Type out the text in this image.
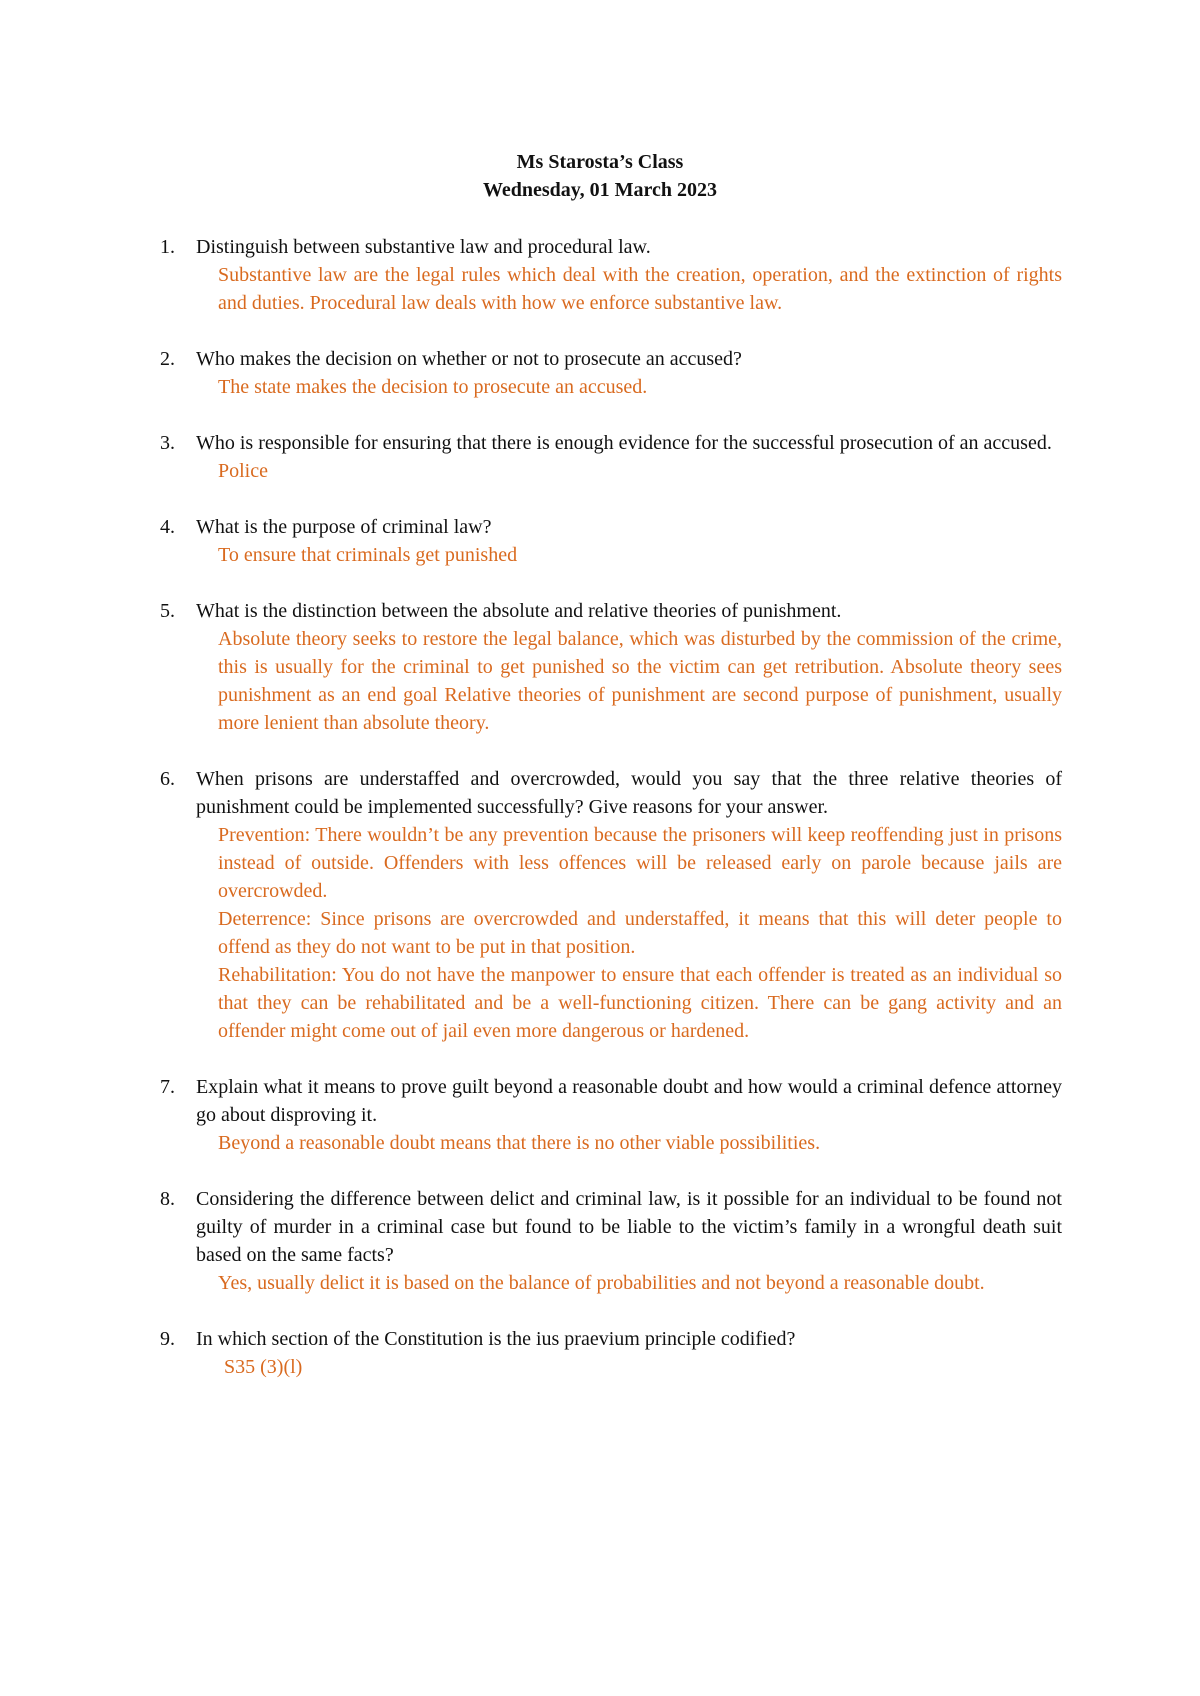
Ms Starosta’s Class
Wednesday, 01 March 2023
1. Distinguish between substantive law and procedural law.
Substantive law are the legal rules which deal with the creation, operation, and the extinction of rights and duties. Procedural law deals with how we enforce substantive law.
2. Who makes the decision on whether or not to prosecute an accused?
The state makes the decision to prosecute an accused.
3. Who is responsible for ensuring that there is enough evidence for the successful prosecution of an accused.
Police
4. What is the purpose of criminal law?
To ensure that criminals get punished
5. What is the distinction between the absolute and relative theories of punishment.
Absolute theory seeks to restore the legal balance, which was disturbed by the commission of the crime, this is usually for the criminal to get punished so the victim can get retribution. Absolute theory sees punishment as an end goal Relative theories of punishment are second purpose of punishment, usually more lenient than absolute theory.
6. When prisons are understaffed and overcrowded, would you say that the three relative theories of punishment could be implemented successfully? Give reasons for your answer.
Prevention: There wouldn’t be any prevention because the prisoners will keep reoffending just in prisons instead of outside. Offenders with less offences will be released early on parole because jails are overcrowded.
Deterrence: Since prisons are overcrowded and understaffed, it means that this will deter people to offend as they do not want to be put in that position.
Rehabilitation: You do not have the manpower to ensure that each offender is treated as an individual so that they can be rehabilitated and be a well-functioning citizen. There can be gang activity and an offender might come out of jail even more dangerous or hardened.
7. Explain what it means to prove guilt beyond a reasonable doubt and how would a criminal defence attorney go about disproving it.
Beyond a reasonable doubt means that there is no other viable possibilities.
8. Considering the difference between delict and criminal law, is it possible for an individual to be found not guilty of murder in a criminal case but found to be liable to the victim’s family in a wrongful death suit based on the same facts?
Yes, usually delict it is based on the balance of probabilities and not beyond a reasonable doubt.
9. In which section of the Constitution is the ius praevium principle codified?
S35 (3)(l)
